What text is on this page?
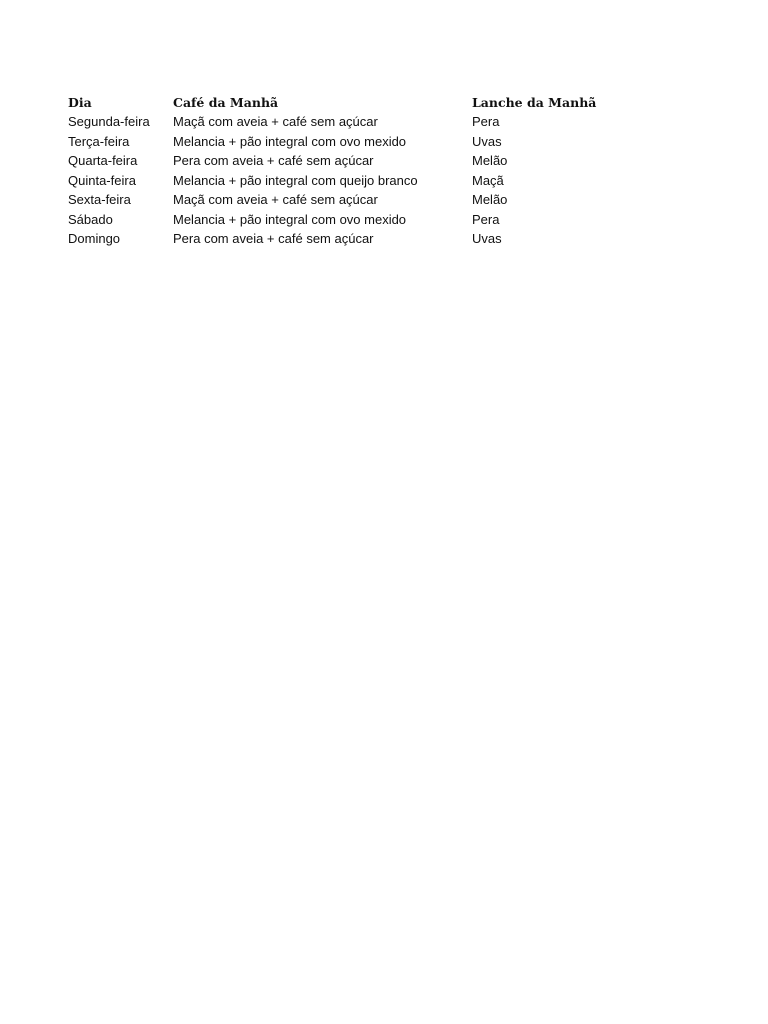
Dia	Café da Manhã	Lanche da Manhã
Segunda-feira	Maçã com aveia + café sem açúcar	Pera
Terça-feira	Melancia + pão integral com ovo mexido	Uvas
Quarta-feira	Pera com aveia + café sem açúcar	Melão
Quinta-feira	Melancia + pão integral com queijo branco	Maçã
Sexta-feira	Maçã com aveia + café sem açúcar	Melão
Sábado	Melancia + pão integral com ovo mexido	Pera
Domingo	Pera com aveia + café sem açúcar	Uvas
